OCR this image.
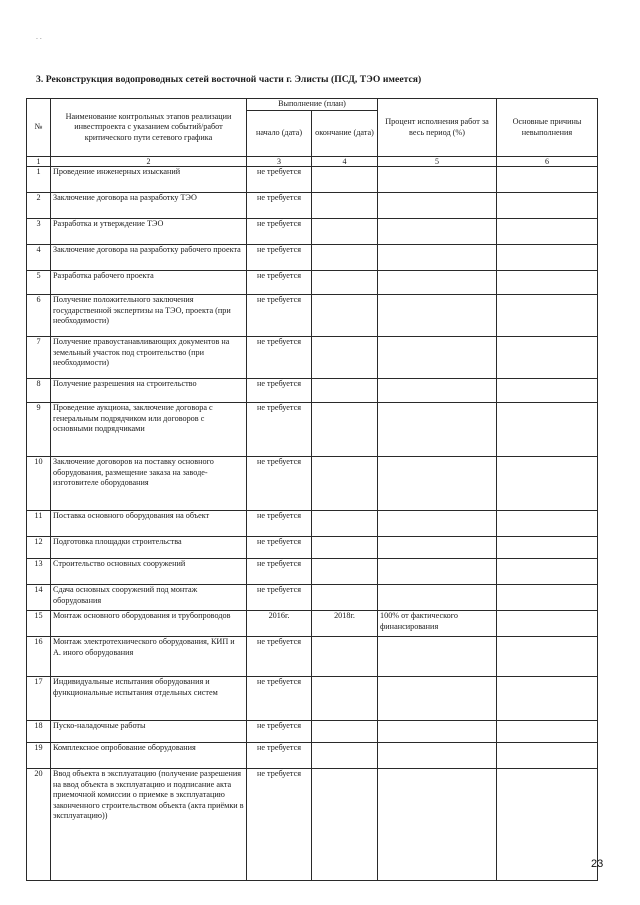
. .
3. Реконструкция водопроводных сетей восточной части г. Элисты (ПСД, ТЭО имеется)
№	Наименование контрольных этапов реализации инвестпроекта с указанием событий/работ критического пути сетевого графика	Выполнение (план)		Процент исполнения работ за весь период (%)	Основные причины невыполнения
		начало (дата)	окончание (дата)		
1	2	3	4	5	6
1	Проведение инженерных изысканий	не требуется			
2	Заключение договора на разработку ТЭО	не требуется			
3	Разработка и утверждение ТЭО	не требуется			
4	Заключение договора на разработку рабочего проекта	не требуется			
5	Разработка рабочего проекта	не требуется			
6	Получение положительного заключения государственной экспертизы на ТЭО, проекта (при необходимости)	не требуется			
7	Получение правоустанавливающих документов на земельный участок под строительство (при необходимости)	не требуется			
8	Получение разрешения на строительство	не требуется			
9	Проведение аукциона, заключение договора с генеральным подрядчиком или договоров с основными подрядчиками	не требуется			
10	Заключение договоров на поставку основного оборудования, размещение заказа на заводе-изготовителе оборудования	не требуется			
11	Поставка основного оборудования на объект	не требуется			
12	Подготовка площадки строительства	не требуется			
13	Строительство основных сооружений	не требуется			
14	Сдача основных сооружений под монтаж оборудования	не требуется			
15	Монтаж основного оборудования и трубопроводов	2016г.	2018г.	100% от фактического финансирования	
16	Монтаж электротехнического оборудования, КИП и А. иного оборудования	не требуется			
17	Индивидуальные испытания оборудования и функциональные испытания отдельных систем	не требуется			
18	Пуско-наладочные работы	не требуется			
19	Комплексное опробование оборудования	не требуется			
20	Ввод объекта в эксплуатацию (получение разрешения на ввод объекта в эксплуатацию и подписание акта приемочной комиссии о приемке в эксплуатацию законченного строительством объекта (акта приёмки в эксплуатацию))	не требуется			
23
